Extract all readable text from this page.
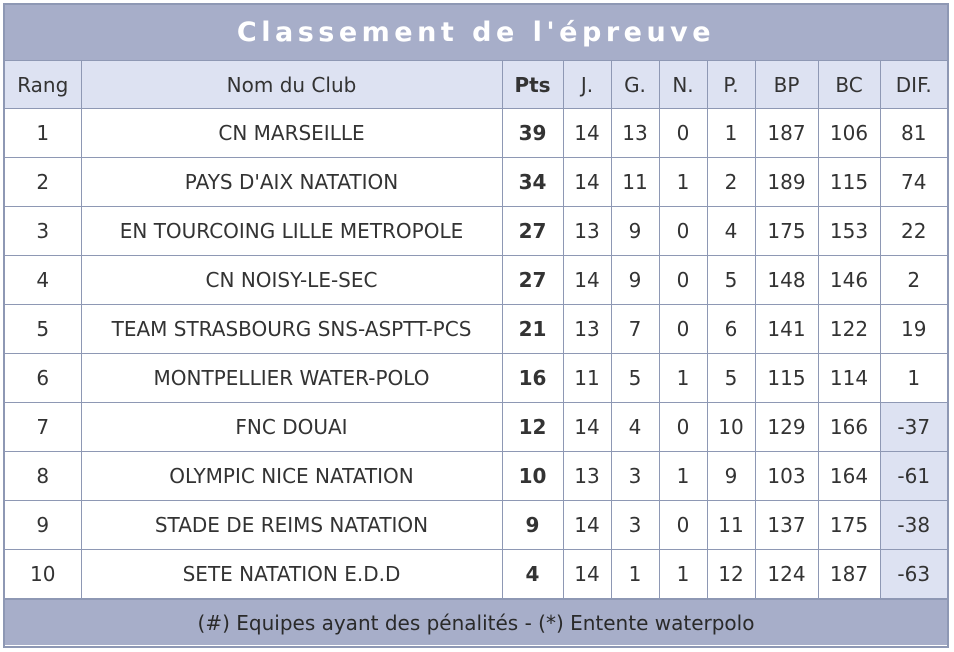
Classement de l'épreuve
Rang	Nom du Club	Pts	J.	G.	N.	P.	BP	BC	DIF.
1	CN MARSEILLE	39	14	13	0	1	187	106	81
2	PAYS D'AIX NATATION	34	14	11	1	2	189	115	74
3	EN TOURCOING LILLE METROPOLE	27	13	9	0	4	175	153	22
4	CN NOISY-LE-SEC	27	14	9	0	5	148	146	2
5	TEAM STRASBOURG SNS-ASPTT-PCS	21	13	7	0	6	141	122	19
6	MONTPELLIER WATER-POLO	16	11	5	1	5	115	114	1
7	FNC DOUAI	12	14	4	0	10	129	166	-37
8	OLYMPIC NICE NATATION	10	13	3	1	9	103	164	-61
9	STADE DE REIMS NATATION	9	14	3	0	11	137	175	-38
10	SETE NATATION E.D.D	4	14	1	1	12	124	187	-63
(#) Equipes ayant des pénalités - (*) Entente waterpolo
